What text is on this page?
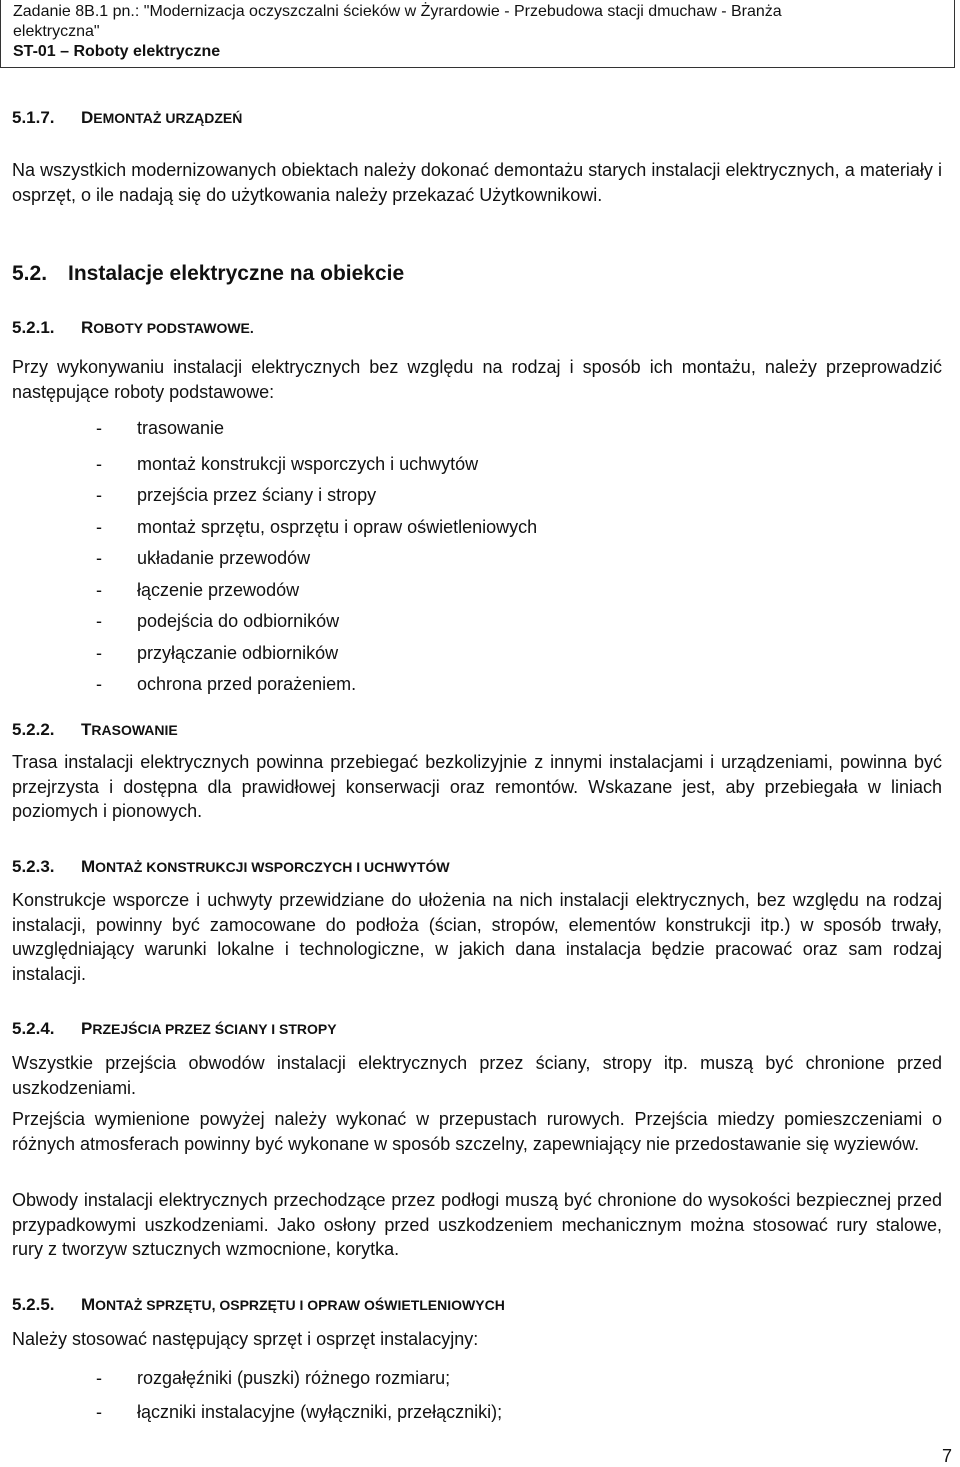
Zadanie 8B.1 pn.: "Modernizacja oczyszczalni ścieków w Żyrardowie - Przebudowa stacji dmuchaw - Branża
elektryczna"
ST-01 – Roboty elektryczne
5.1.7. DEMONTAŻ URZĄDZEŃ
Na wszystkich modernizowanych obiektach należy dokonać demontażu starych instalacji elektrycznych, a materiały i osprzęt, o ile nadają się do użytkowania należy przekazać Użytkownikowi.
5.2. Instalacje elektryczne na obiekcie
5.2.1. ROBOTY PODSTAWOWE.
Przy wykonywaniu instalacji elektrycznych bez względu na rodzaj i sposób ich montażu, należy przeprowadzić następujące roboty podstawowe:
- trasowanie
- montaż konstrukcji wsporczych i uchwytów
- przejścia przez ściany i stropy
- montaż sprzętu, osprzętu i opraw oświetleniowych
- układanie przewodów
- łączenie przewodów
- podejścia do odbiorników
- przyłączanie odbiorników
- ochrona przed porażeniem.
5.2.2. TRASOWANIE
Trasa instalacji elektrycznych powinna przebiegać bezkolizyjnie z innymi instalacjami i urządzeniami, powinna być przejrzysta i dostępna dla prawidłowej konserwacji oraz remontów. Wskazane jest, aby przebiegała w liniach poziomych i pionowych.
5.2.3. MONTAŻ KONSTRUKCJI WSPORCZYCH I UCHWYTÓW
Konstrukcje wsporcze i uchwyty przewidziane do ułożenia na nich instalacji elektrycznych, bez względu na rodzaj instalacji, powinny być zamocowane do podłoża (ścian, stropów, elementów konstrukcji itp.) w sposób trwały, uwzględniający warunki lokalne i technologiczne, w jakich dana instalacja będzie pracować oraz sam rodzaj instalacji.
5.2.4. PRZEJŚCIA PRZEZ ŚCIANY I STROPY
Wszystkie przejścia obwodów instalacji elektrycznych przez ściany, stropy itp. muszą być chronione przed uszkodzeniami.
Przejścia wymienione powyżej należy wykonać w przepustach rurowych. Przejścia miedzy pomieszczeniami o różnych atmosferach powinny być wykonane w sposób szczelny, zapewniający nie przedostawanie się wyziewów.
Obwody instalacji elektrycznych przechodzące przez podłogi muszą być chronione do wysokości bezpiecznej przed przypadkowymi uszkodzeniami. Jako osłony przed uszkodzeniem mechanicznym można stosować rury stalowe, rury z tworzyw sztucznych wzmocnione, korytka.
5.2.5. MONTAŻ SPRZĘTU, OSPRZĘTU I OPRAW OŚWIETLENIOWYCH
Należy stosować następujący sprzęt i osprzęt instalacyjny:
- rozgałęźniki (puszki) różnego rozmiaru;
- łączniki instalacyjne (wyłączniki, przełączniki);
7
